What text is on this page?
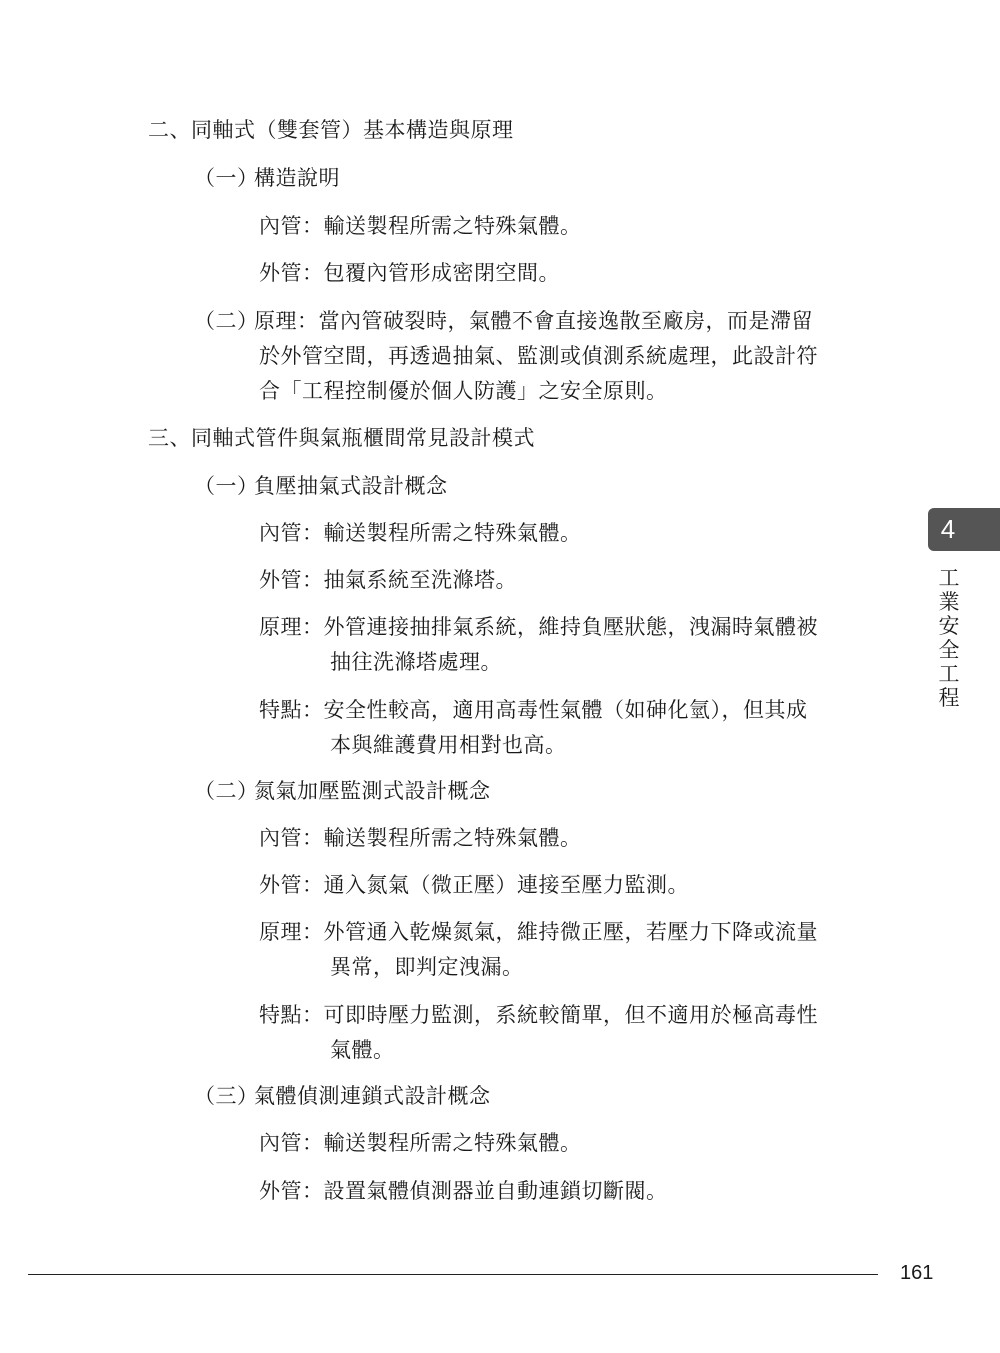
二、同軸式（雙套管）基本構造與原理
（一）構造說明
內管：輸送製程所需之特殊氣體。
外管：包覆內管形成密閉空間。
（二）原理：當內管破裂時，氣體不會直接逸散至廠房，而是滯留
於外管空間，再透過抽氣、監測或偵測系統處理，此設計符
合「工程控制優於個人防護」之安全原則。
三、同軸式管件與氣瓶櫃間常見設計模式
（一）負壓抽氣式設計概念
內管：輸送製程所需之特殊氣體。
外管：抽氣系統至洗滌塔。
原理：外管連接抽排氣系統，維持負壓狀態，洩漏時氣體被
抽往洗滌塔處理。
特點：安全性較高，適用高毒性氣體（如砷化氫），但其成
本與維護費用相對也高。
（二）氮氣加壓監測式設計概念
內管：輸送製程所需之特殊氣體。
外管：通入氮氣（微正壓）連接至壓力監測。
原理：外管通入乾燥氮氣，維持微正壓，若壓力下降或流量
異常，即判定洩漏。
特點：可即時壓力監測，系統較簡單，但不適用於極高毒性
氣體。
（三）氣體偵測連鎖式設計概念
內管：輸送製程所需之特殊氣體。
外管：設置氣體偵測器並自動連鎖切斷閥。
4
工
業
安
全
工
程
161
